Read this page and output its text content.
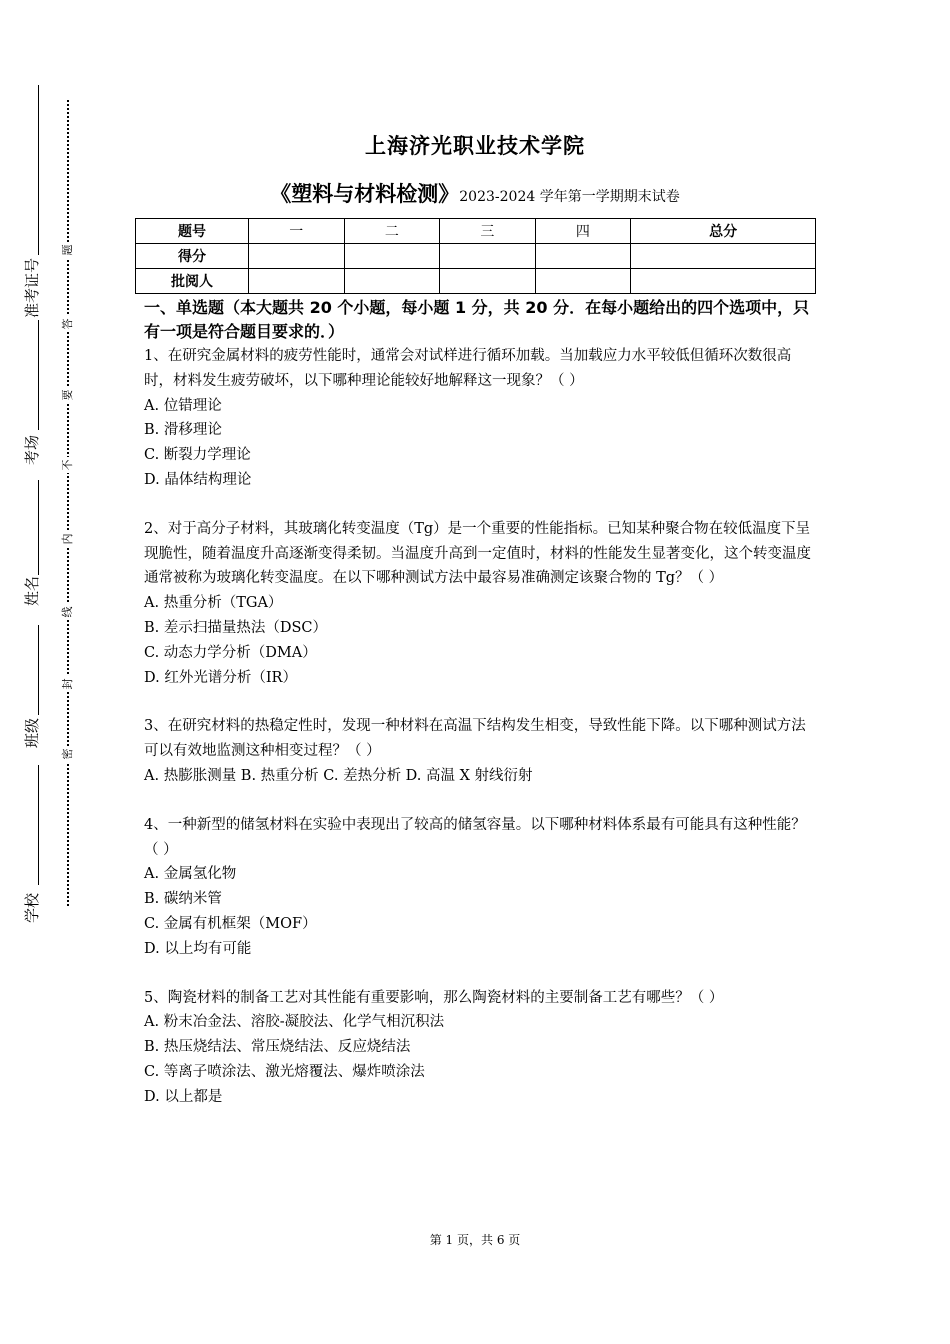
准考证号
考场
姓名
班级
学校
题
答
要
不
内
线
封
密
上海济光职业技术学院
《塑料与材料检测》2023-2024 学年第一学期期末试卷
题号	一	二	三	四	总分
得分					
批阅人					
一、单选题（本大题共 20 个小题，每小题 1 分，共 20 分．在每小题给出的四个选项中，只有一项是符合题目要求的．）

1、在研究金属材料的疲劳性能时，通常会对试样进行循环加载。当加载应力水平较低但循环次数很高时，材料发生疲劳破坏，以下哪种理论能较好地解释这一现象？（ ）

A. 位错理论

B. 滑移理论

C. 断裂力学理论

D. 晶体结构理论

2、对于高分子材料，其玻璃化转变温度（Tg）是一个重要的性能指标。已知某种聚合物在较低温度下呈现脆性，随着温度升高逐渐变得柔韧。当温度升高到一定值时，材料的性能发生显著变化，这个转变温度通常被称为玻璃化转变温度。在以下哪种测试方法中最容易准确测定该聚合物的 Tg？（ ）

A. 热重分析（TGA）

B. 差示扫描量热法（DSC）

C. 动态力学分析（DMA）

D. 红外光谱分析（IR）

3、在研究材料的热稳定性时，发现一种材料在高温下结构发生相变，导致性能下降。以下哪种测试方法可以有效地监测这种相变过程？（ ）

A. 热膨胀测量 B. 热重分析 C. 差热分析 D. 高温 X 射线衍射

4、一种新型的储氢材料在实验中表现出了较高的储氢容量。以下哪种材料体系最有可能具有这种性能？（ ）

A. 金属氢化物

B. 碳纳米管

C. 金属有机框架（MOF）

D. 以上均有可能

5、陶瓷材料的制备工艺对其性能有重要影响，那么陶瓷材料的主要制备工艺有哪些？（ ）

A. 粉末冶金法、溶胶-凝胶法、化学气相沉积法

B. 热压烧结法、常压烧结法、反应烧结法

C. 等离子喷涂法、激光熔覆法、爆炸喷涂法

D. 以上都是

第 1 页，共 6 页
